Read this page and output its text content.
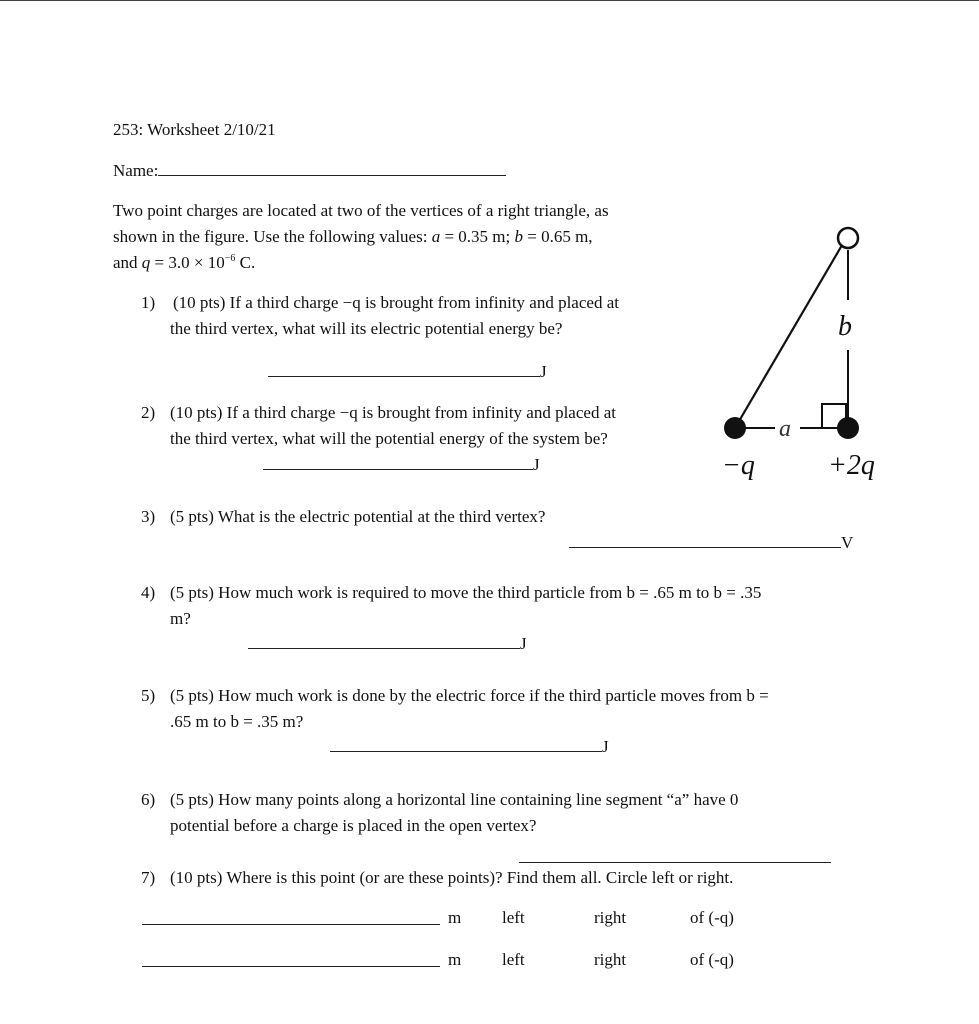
253: Worksheet 2/10/21
Name:
Two point charges are located at two of the vertices of a right triangle, as
shown in the figure. Use the following values: a = 0.35 m; b = 0.65 m,
and $q = 3.0 \times 10^{-6}$ C.
b
a
−q	+2q
1) (10 pts) If a third charge −q is brought from infinity and placed at
the third vertex, what will its electric potential energy be?
J
2) (10 pts) If a third charge −q is brought from infinity and placed at
the third vertex, what will the potential energy of the system be?
J
3) (5 pts) What is the electric potential at the third vertex?
V
4) (5 pts) How much work is required to move the third particle from b = .65 m to b = .35
m?
J
5) (5 pts) How much work is done by the electric force if the third particle moves from b =
.65 m to b = .35 m?
J
6) (5 pts) How many points along a horizontal line containing line segment “a” have 0
potential before a charge is placed in the open vertex?
7) (10 pts) Where is this point (or are these points)? Find them all. Circle left or right.
m left	right	of (-q)
m left	right	of (-q)
